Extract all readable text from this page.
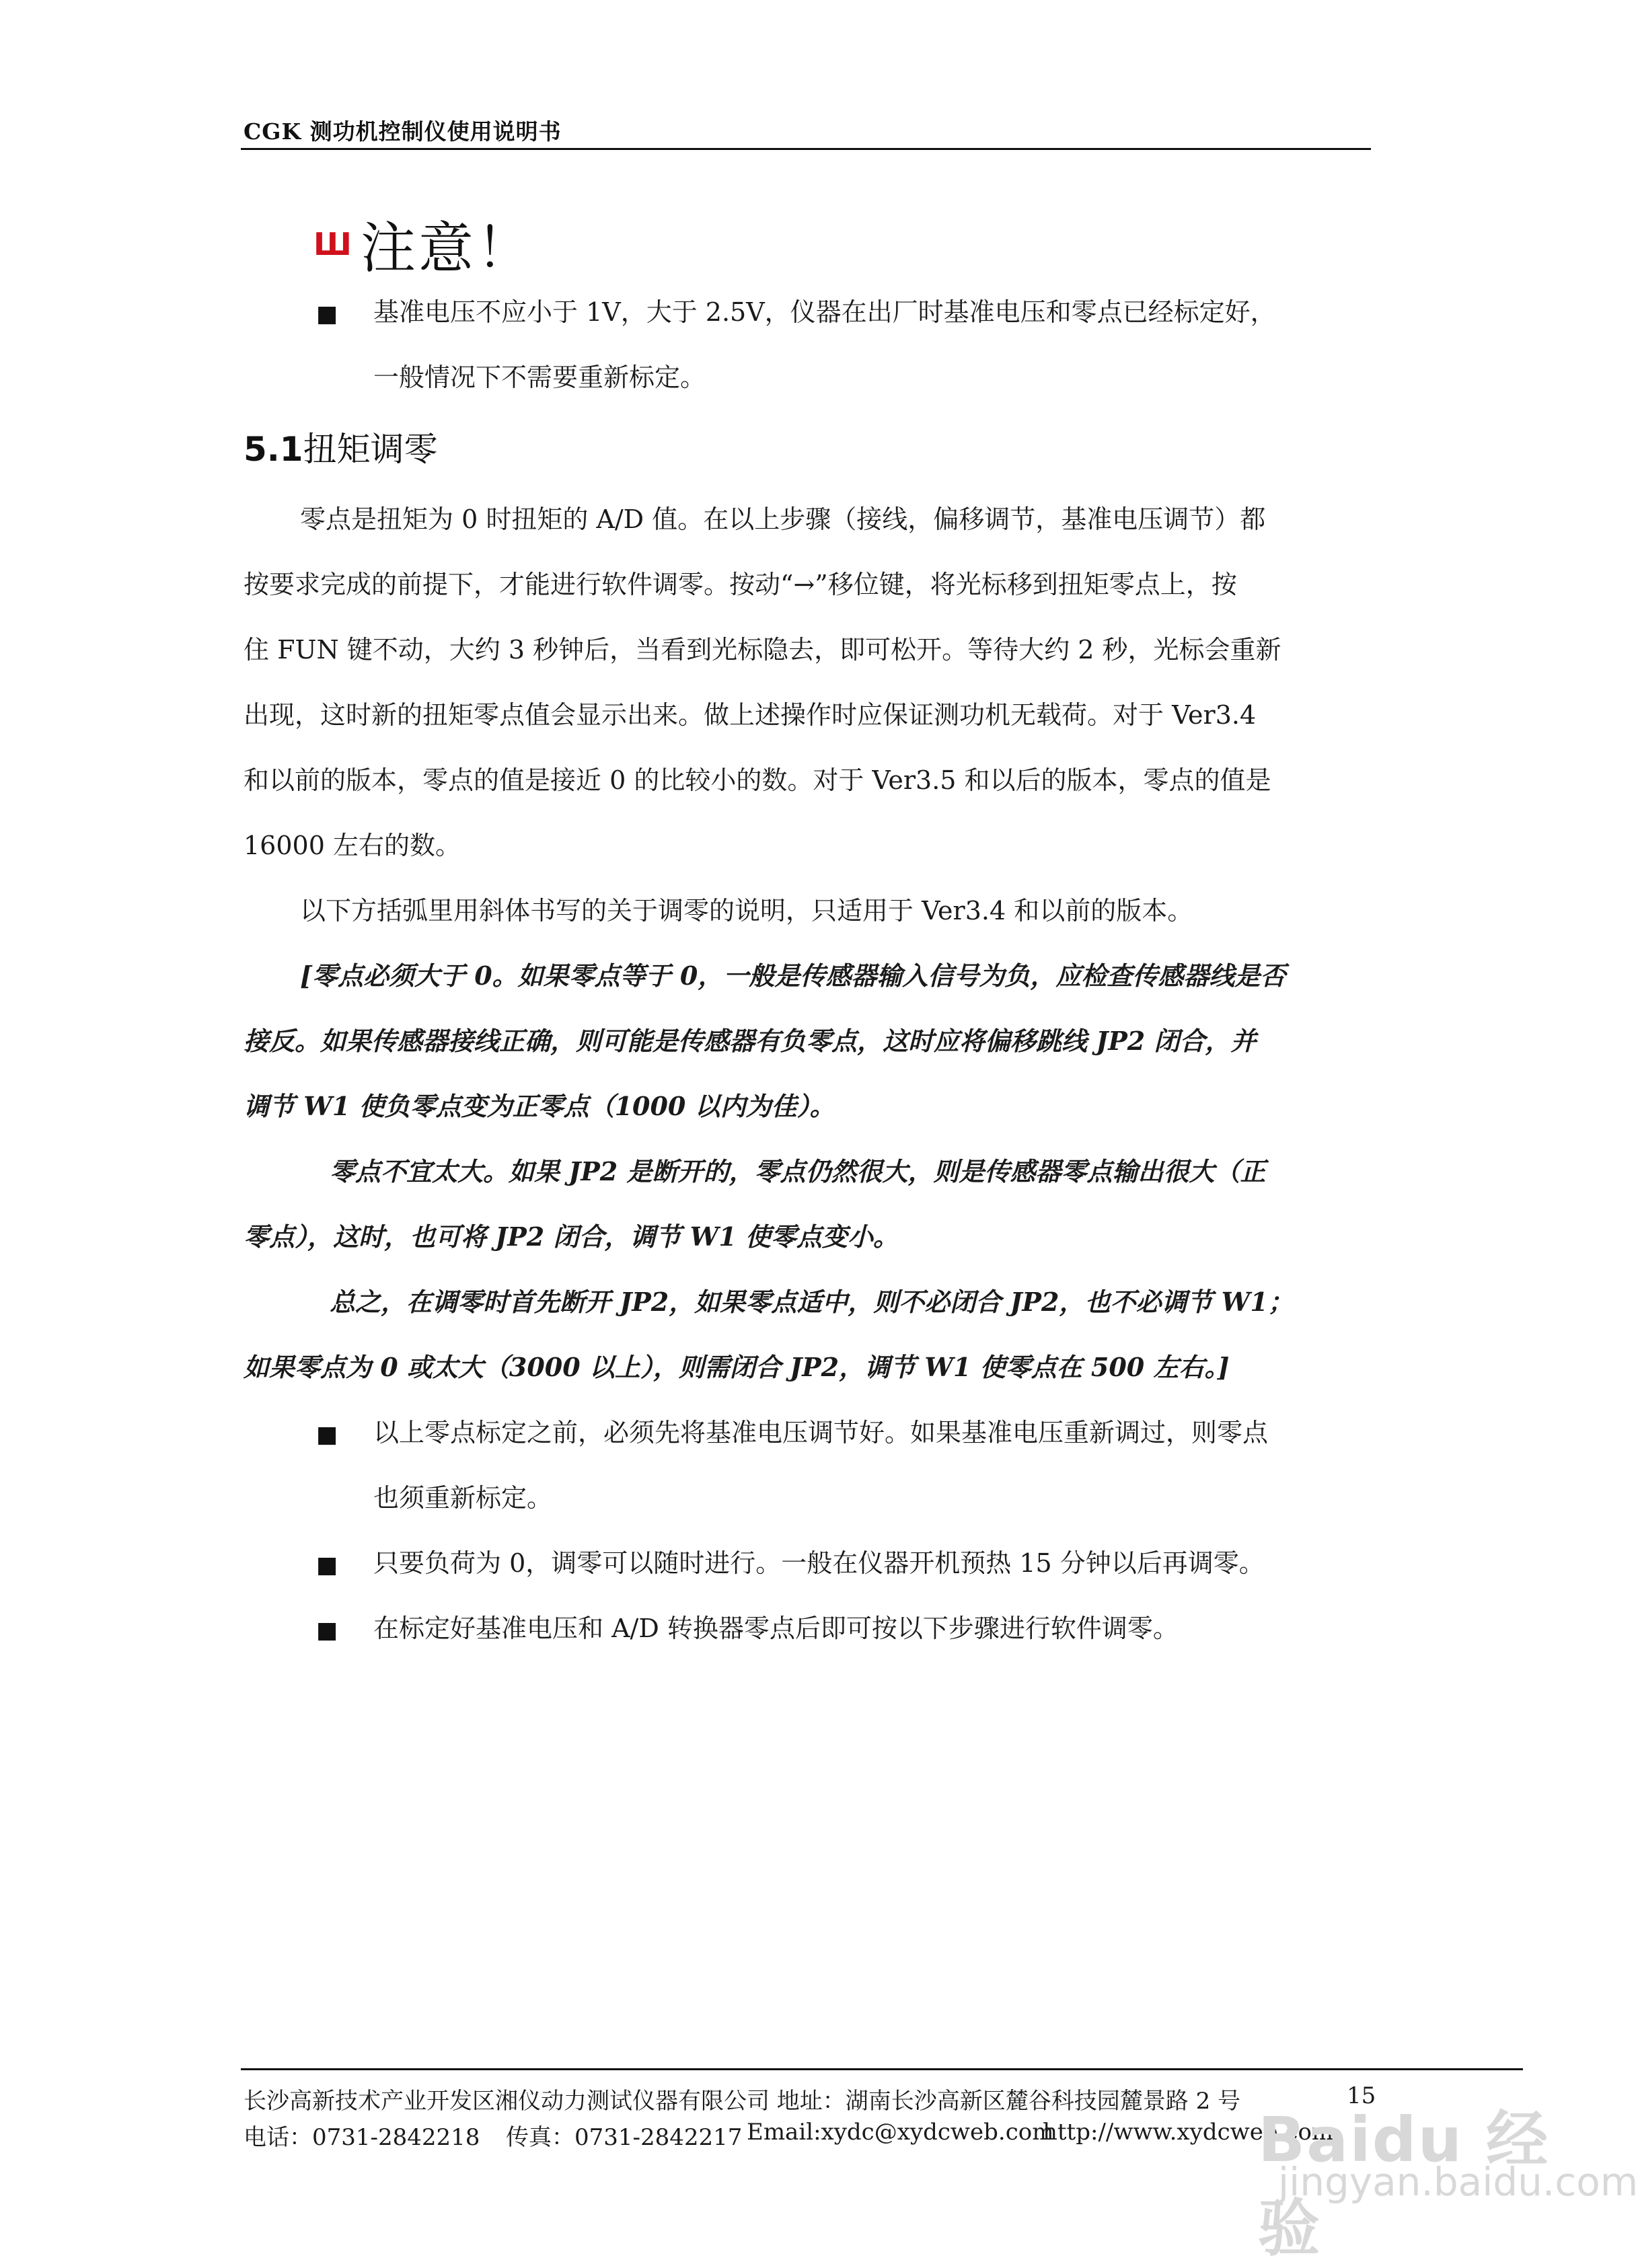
CGK 测功机控制仪使用说明书
Ш 注意！
■ 基准电压不应小于 1V，大于 2.5V，仪器在出厂时基准电压和零点已经标定好，
一般情况下不需要重新标定。
5.1扭矩调零
零点是扭矩为 0 时扭矩的 A/D 值。在以上步骤（接线，偏移调节，基准电压调节）都
按要求完成的前提下，才能进行软件调零。按动“→”移位键，将光标移到扭矩零点上，按
住 FUN 键不动，大约 3 秒钟后，当看到光标隐去，即可松开。等待大约 2 秒，光标会重新
出现，这时新的扭矩零点值会显示出来。做上述操作时应保证测功机无载荷。对于 Ver3.4
和以前的版本，零点的值是接近 0 的比较小的数。对于 Ver3.5 和以后的版本，零点的值是
16000 左右的数。
以下方括弧里用斜体书写的关于调零的说明，只适用于 Ver3.4 和以前的版本。
[零点必须大于 0。如果零点等于 0，一般是传感器输入信号为负，应检查传感器线是否
接反。如果传感器接线正确，则可能是传感器有负零点，这时应将偏移跳线 JP2 闭合，并
调节 W1 使负零点变为正零点（1000 以内为佳）。
零点不宜太大。如果 JP2 是断开的，零点仍然很大，则是传感器零点输出很大（正
零点），这时，也可将 JP2 闭合，调节 W1 使零点变小。
总之，在调零时首先断开 JP2，如果零点适中，则不必闭合 JP2，也不必调节 W1；
如果零点为 0 或太大（3000 以上），则需闭合 JP2，调节 W1 使零点在 500 左右。]
■ 以上零点标定之前，必须先将基准电压调节好。如果基准电压重新调过，则零点
也须重新标定。
■ 只要负荷为 0，调零可以随时进行。一般在仪器开机预热 15 分钟以后再调零。
■ 在标定好基准电压和 A/D 转换器零点后即可按以下步骤进行软件调零。
长沙高新技术产业开发区湘仪动力测试仪器有限公司 地址：湖南长沙高新区麓谷科技园麓景路 2 号	15
电话：0731-2842218 传真：0731-2842217 Email:xydc@xydcweb.com
http://www.xydcweb.com
Baidu 经验
jingyan.baidu.com
